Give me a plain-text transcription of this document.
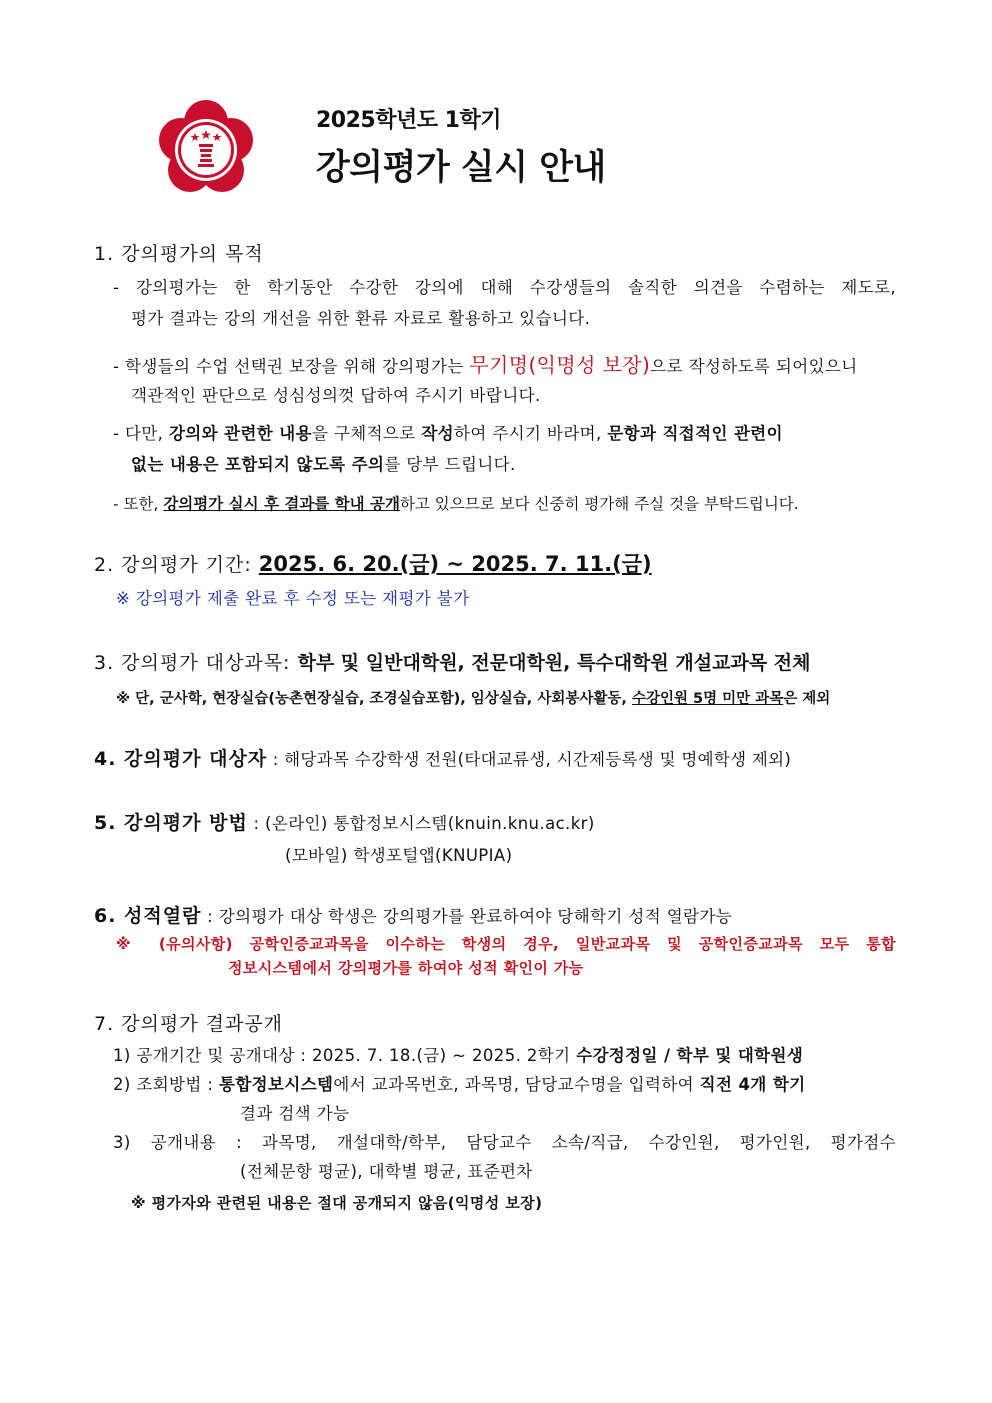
2025학년도 1학기
강의평가 실시 안내
1. 강의평가의 목적
- 강의평가는 한 학기동안 수강한 강의에 대해 수강생들의 솔직한 의견을 수렴하는 제도로,
평가 결과는 강의 개선을 위한 환류 자료로 활용하고 있습니다.
- 학생들의 수업 선택권 보장을 위해 강의평가는 무기명(익명성 보장)으로 작성하도록 되어있으니
객관적인 판단으로 성심성의껏 답하여 주시기 바랍니다.
- 다만, 강의와 관련한 내용을 구체적으로 작성하여 주시기 바라며, 문항과 직접적인 관련이
없는 내용은 포함되지 않도록 주의를 당부 드립니다.
- 또한, 강의평가 실시 후 결과를 학내 공개하고 있으므로 보다 신중히 평가해 주실 것을 부탁드립니다.
2. 강의평가 기간: 2025. 6. 20.(금) ~ 2025. 7. 11.(금)
※ 강의평가 제출 완료 후 수정 또는 재평가 불가
3. 강의평가 대상과목: 학부 및 일반대학원, 전문대학원, 특수대학원 개설교과목 전체
※ 단, 군사학, 현장실습(농촌현장실습, 조경실습포함), 임상실습, 사회봉사활동, 수강인원 5명 미만 과목은 제외
4. 강의평가 대상자 : 해당과목 수강학생 전원(타대교류생, 시간제등록생 및 명예학생 제외)
5. 강의평가 방법 : (온라인) 통합정보시스템(knuin.knu.ac.kr)
(모바일) 학생포털앱(KNUPIA)
6. 성적열람 : 강의평가 대상 학생은 강의평가를 완료하여야 당해학기 성적 열람가능
※ (유의사항) 공학인증교과목을 이수하는 학생의 경우, 일반교과목 및 공학인증교과목 모두 통합
정보시스템에서 강의평가를 하여야 성적 확인이 가능
7. 강의평가 결과공개
1) 공개기간 및 공개대상 : 2025. 7. 18.(금) ~ 2025. 2학기 수강정정일 / 학부 및 대학원생
2) 조회방법 : 통합정보시스템에서 교과목번호, 과목명, 담당교수명을 입력하여 직전 4개 학기
결과 검색 가능
3) 공개내용 : 과목명, 개설대학/학부, 담당교수 소속/직급, 수강인원, 평가인원, 평가점수
(전체문항 평균), 대학별 평균, 표준편차
※ 평가자와 관련된 내용은 절대 공개되지 않음(익명성 보장)
